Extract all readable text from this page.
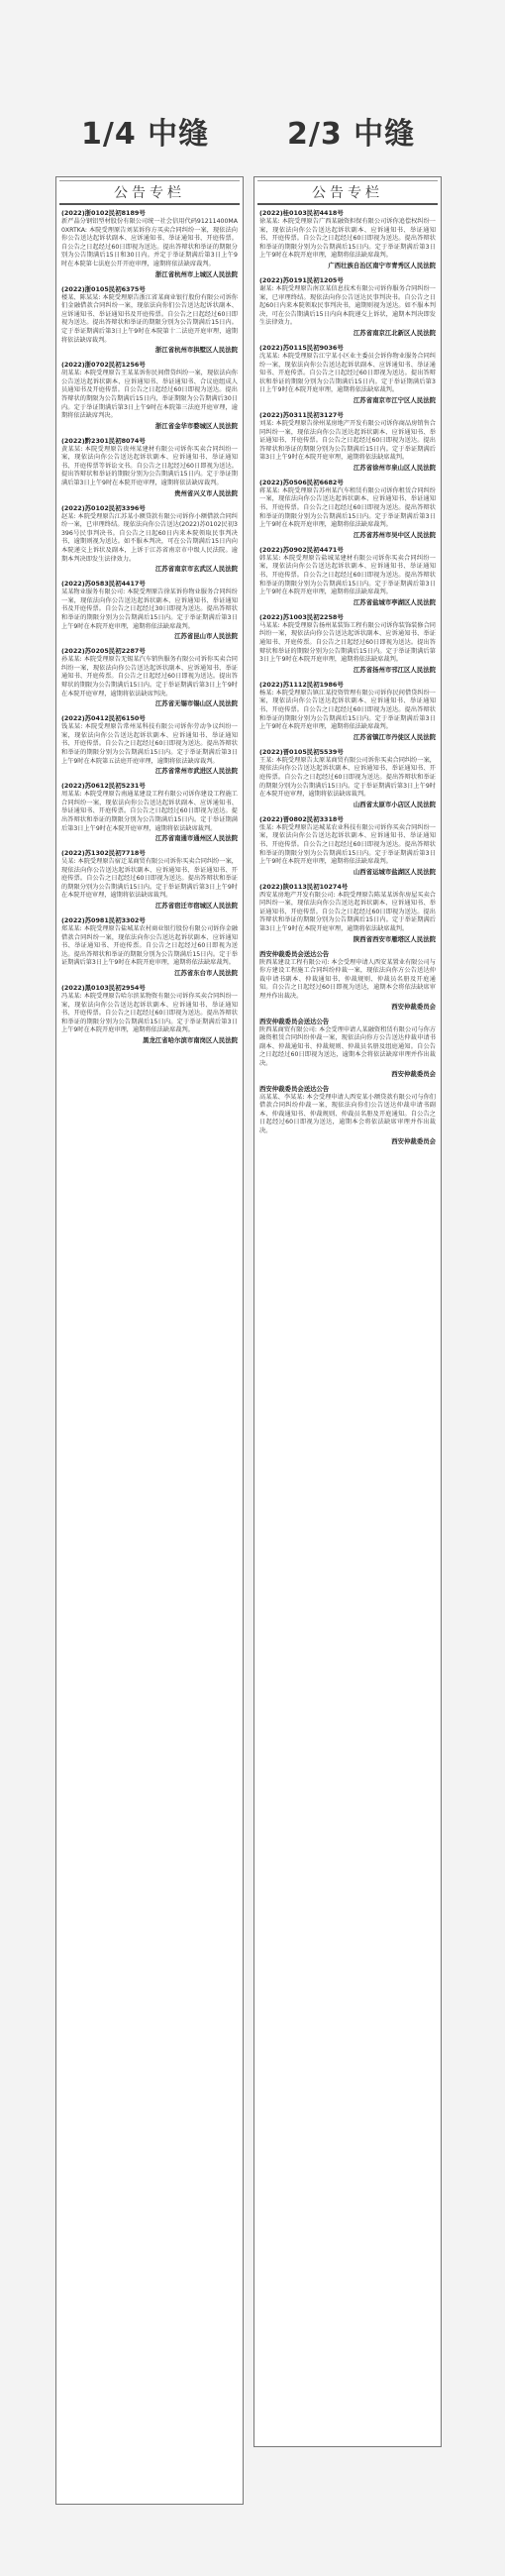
1/4 中缝	2/3 中缝
公告专栏
(2022)浙0102民初8189号
新严晶分钢铝型材股份有限公司统一社会信用代码91211400MA0XRTKA: 本院受理原告刘某诉你方买卖合同纠纷一案，现依法向你公告送达起诉状副本、应诉通知书、举证通知书、开庭传票。自公告之日起经过60日即视为送达。提出答辩状和举证的期限分别为公告期满后15日和30日内。并定于举证期满后第3日上午9时在本院第七法庭公开开庭审理，逾期将依法缺席裁判。
浙江省杭州市上城区人民法院
(2022)浙0105民初6375号
楼某、陈某某: 本院受理原告浙江省某商业银行股份有限公司诉你们金融借款合同纠纷一案，现依法向你们公告送达起诉状副本、应诉通知书、举证通知书及开庭传票。自公告之日起经过60日即视为送达。提出答辩状和举证的期限分别为公告期满后15日内。定于举证期满后第3日上午9时在本院第十二法庭开庭审理，逾期将依法缺席裁判。
浙江省杭州市拱墅区人民法院
(2022)浙0702民初1256号
胡某某: 本院受理原告王某某诉你民间借贷纠纷一案，现依法向你公告送达起诉状副本、应诉通知书、举证通知书、合议庭组成人员通知书及开庭传票。自公告之日起经过60日即视为送达。提出答辩状的期限为公告期满后15日内，举证期限为公告期满后30日内。定于举证期满后第3日上午9时在本院第三法庭开庭审理，逾期将依法缺席判决。
浙江省金华市婺城区人民法院
(2022)黔2301民初8074号
黄某某: 本院受理原告贵州某建材有限公司诉你买卖合同纠纷一案，现依法向你公告送达起诉状副本、应诉通知书、举证通知书、开庭传票等诉讼文书。自公告之日起经过60日即视为送达。提出答辩状和举证的期限分别为公告期满后15日内。定于举证期满后第3日上午9时在本院开庭审理，逾期将依法缺席裁判。
贵州省兴义市人民法院
(2022)苏0102民初3396号
赵某: 本院受理原告江苏某小额贷款有限公司诉你小额借款合同纠纷一案，已审理终结。现依法向你公告送达(2022)苏0102民初3396号民事判决书。自公告之日起60日内来本院领取民事判决书，逾期则视为送达。如不服本判决，可在公告期满后15日内向本院递交上诉状及副本，上诉于江苏省南京市中级人民法院。逾期本判决即发生法律效力。
江苏省南京市玄武区人民法院
(2022)苏0583民初4417号
某某物业服务有限公司: 本院受理原告徐某诉你物业服务合同纠纷一案，现依法向你公告送达起诉状副本、应诉通知书、举证通知书及开庭传票。自公告之日起经过30日即视为送达。提出答辩状和举证的期限分别为公告期满后15日内。定于举证期满后第3日上午9时在本院开庭审理，逾期将依法缺席裁判。
江苏省昆山市人民法院
(2022)苏0205民初2287号
孙某某: 本院受理原告无锡某汽车销售服务有限公司诉你买卖合同纠纷一案，现依法向你公告送达起诉状副本、应诉通知书、举证通知书、开庭传票。自公告之日起经过60日即视为送达。提出答辩状的期限为公告期满后15日内。定于举证期满后第3日上午9时在本院开庭审理，逾期将依法缺席判决。
江苏省无锡市锡山区人民法院
(2022)苏0412民初6150号
钱某某: 本院受理原告常州某科技有限公司诉你劳动争议纠纷一案，现依法向你公告送达起诉状副本、应诉通知书、举证通知书、开庭传票。自公告之日起经过60日即视为送达。提出答辩状和举证的期限分别为公告期满后15日内。定于举证期满后第3日上午9时在本院第五法庭开庭审理，逾期将依法缺席裁判。
江苏省常州市武进区人民法院
(2022)苏0612民初5231号
周某某: 本院受理原告南通某建设工程有限公司诉你建设工程施工合同纠纷一案，现依法向你公告送达起诉状副本、应诉通知书、举证通知书、开庭传票。自公告之日起经过60日即视为送达。提出答辩状和举证的期限分别为公告期满后15日内。定于举证期满后第3日上午9时在本院开庭审理，逾期将依法缺席裁判。
江苏省南通市通州区人民法院
(2022)苏1302民初7718号
吴某: 本院受理原告宿迁某商贸有限公司诉你买卖合同纠纷一案，现依法向你公告送达起诉状副本、应诉通知书、举证通知书、开庭传票。自公告之日起经过60日即视为送达。提出答辩状和举证的期限分别为公告期满后15日内。定于举证期满后第3日上午9时在本院开庭审理，逾期将依法缺席裁判。
江苏省宿迁市宿城区人民法院
(2022)苏0981民初3302号
郑某某: 本院受理原告盐城某农村商业银行股份有限公司诉你金融借款合同纠纷一案，现依法向你公告送达起诉状副本、应诉通知书、举证通知书、开庭传票。自公告之日起经过60日即视为送达。提出答辩状和举证的期限分别为公告期满后15日内。定于举证期满后第3日上午9时在本院开庭审理，逾期将依法缺席裁判。
江苏省东台市人民法院
(2022)黑0103民初2954号
冯某某: 本院受理原告哈尔滨某物资有限公司诉你买卖合同纠纷一案，现依法向你公告送达起诉状副本、应诉通知书、举证通知书、开庭传票。自公告之日起经过60日即视为送达。提出答辩状和举证的期限分别为公告期满后15日内。定于举证期满后第3日上午9时在本院开庭审理，逾期将依法缺席裁判。
黑龙江省哈尔滨市南岗区人民法院
公告专栏
(2022)桂0103民初4418号
徐某某: 本院受理原告广西某融资担保有限公司诉你追偿权纠纷一案，现依法向你公告送达起诉状副本、应诉通知书、举证通知书、开庭传票。自公告之日起经过60日即视为送达。提出答辩状和举证的期限分别为公告期满后15日内。定于举证期满后第3日上午9时在本院开庭审理，逾期将依法缺席裁判。
广西壮族自治区南宁市青秀区人民法院
(2022)苏0191民初1205号
谢某: 本院受理原告南京某信息技术有限公司诉你服务合同纠纷一案，已审理终结。现依法向你公告送达民事判决书。自公告之日起60日内来本院领取民事判决书，逾期则视为送达。如不服本判决，可在公告期满后15日内向本院递交上诉状，逾期本判决即发生法律效力。
江苏省南京江北新区人民法院
(2022)苏0115民初9036号
沈某某: 本院受理原告江宁某小区业主委员会诉你物业服务合同纠纷一案，现依法向你公告送达起诉状副本、应诉通知书、举证通知书、开庭传票。自公告之日起经过60日即视为送达。提出答辩状和举证的期限分别为公告期满后15日内。定于举证期满后第3日上午9时在本院开庭审理，逾期将依法缺席裁判。
江苏省南京市江宁区人民法院
(2022)苏0311民初3127号
刘某: 本院受理原告徐州某房地产开发有限公司诉你商品房销售合同纠纷一案，现依法向你公告送达起诉状副本、应诉通知书、举证通知书、开庭传票。自公告之日起经过60日即视为送达。提出答辩状和举证的期限分别为公告期满后15日内。定于举证期满后第3日上午9时在本院开庭审理，逾期将依法缺席裁判。
江苏省徐州市泉山区人民法院
(2022)苏0506民初6682号
蒋某某: 本院受理原告苏州某汽车租赁有限公司诉你租赁合同纠纷一案，现依法向你公告送达起诉状副本、应诉通知书、举证通知书、开庭传票。自公告之日起经过60日即视为送达。提出答辩状和举证的期限分别为公告期满后15日内。定于举证期满后第3日上午9时在本院开庭审理，逾期将依法缺席裁判。
江苏省苏州市吴中区人民法院
(2022)苏0902民初4471号
韩某某: 本院受理原告盐城某建材有限公司诉你买卖合同纠纷一案，现依法向你公告送达起诉状副本、应诉通知书、举证通知书、开庭传票。自公告之日起经过60日即视为送达。提出答辩状和举证的期限分别为公告期满后15日内。定于举证期满后第3日上午9时在本院开庭审理，逾期将依法缺席裁判。
江苏省盐城市亭湖区人民法院
(2022)苏1003民初2258号
马某某: 本院受理原告扬州某装饰工程有限公司诉你装饰装修合同纠纷一案，现依法向你公告送达起诉状副本、应诉通知书、举证通知书、开庭传票。自公告之日起经过60日即视为送达。提出答辩状和举证的期限分别为公告期满后15日内。定于举证期满后第3日上午9时在本院开庭审理，逾期将依法缺席裁判。
江苏省扬州市邗江区人民法院
(2022)苏1112民初1986号
杨某: 本院受理原告镇江某投资管理有限公司诉你民间借贷纠纷一案，现依法向你公告送达起诉状副本、应诉通知书、举证通知书、开庭传票。自公告之日起经过60日即视为送达。提出答辩状和举证的期限分别为公告期满后15日内。定于举证期满后第3日上午9时在本院开庭审理，逾期将依法缺席裁判。
江苏省镇江市丹徒区人民法院
(2022)晋0105民初5539号
王某: 本院受理原告太原某商贸有限公司诉你买卖合同纠纷一案，现依法向你公告送达起诉状副本、应诉通知书、举证通知书、开庭传票。自公告之日起经过60日即视为送达。提出答辩状和举证的期限分别为公告期满后15日内。定于举证期满后第3日上午9时在本院开庭审理，逾期将依法缺席裁判。
山西省太原市小店区人民法院
(2022)晋0802民初3318号
张某: 本院受理原告运城某农业科技有限公司诉你买卖合同纠纷一案，现依法向你公告送达起诉状副本、应诉通知书、举证通知书、开庭传票。自公告之日起经过60日即视为送达。提出答辩状和举证的期限分别为公告期满后15日内。定于举证期满后第3日上午9时在本院开庭审理，逾期将依法缺席裁判。
山西省运城市盐湖区人民法院
(2022)陕0113民初10274号
西安某房地产开发有限公司: 本院受理原告陈某某诉你房屋买卖合同纠纷一案，现依法向你公告送达起诉状副本、应诉通知书、举证通知书、开庭传票。自公告之日起经过60日即视为送达。提出答辩状和举证的期限分别为公告期满后15日内。定于举证期满后第3日上午9时在本院开庭审理，逾期将依法缺席裁判。
陕西省西安市雁塔区人民法院
西安仲裁委员会送达公告
陕西某建设工程有限公司: 本会受理申请人西安某置业有限公司与你方建设工程施工合同纠纷仲裁一案，现依法向你方公告送达仲裁申请书副本、仲裁通知书、仲裁规则、仲裁员名册及开庭通知。自公告之日起经过60日即视为送达，逾期本会将依法缺席审理并作出裁决。
西安仲裁委员会
西安仲裁委员会送达公告
陕西某商贸有限公司: 本会受理申请人某融资租赁有限公司与你方融资租赁合同纠纷仲裁一案，现依法向你方公告送达仲裁申请书副本、仲裁通知书、仲裁规则、仲裁员名册及组庭通知。自公告之日起经过60日即视为送达，逾期本会将依法缺席审理并作出裁决。
西安仲裁委员会
西安仲裁委员会送达公告
高某某、李某某: 本会受理申请人西安某小额贷款有限公司与你们借款合同纠纷仲裁一案，现依法向你们公告送达仲裁申请书副本、仲裁通知书、仲裁规则、仲裁员名册及开庭通知。自公告之日起经过60日即视为送达，逾期本会将依法缺席审理并作出裁决。
西安仲裁委员会
